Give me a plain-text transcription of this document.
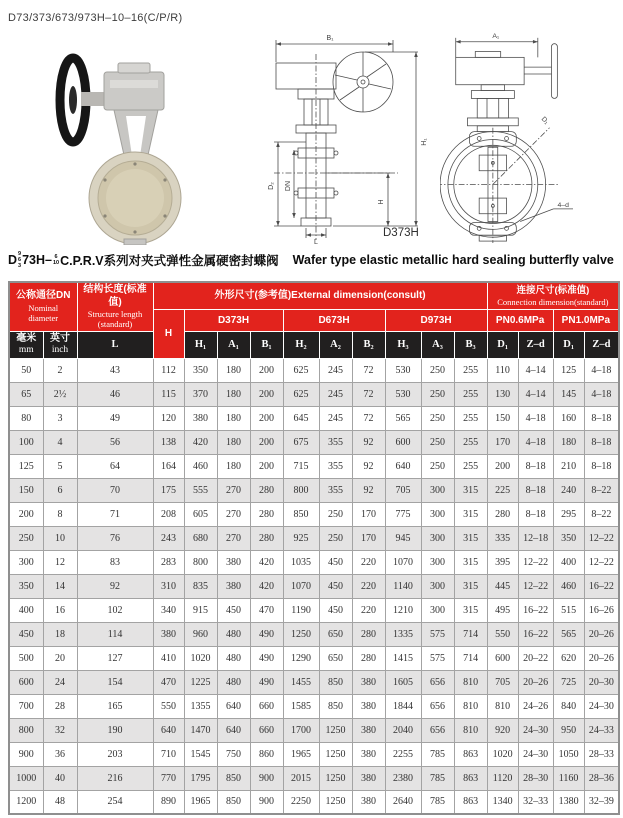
D73/373/673/973H–10–16(C/P/R)
B₁
H₁
D₂ DN
H
L
A₁
D₁
4–d
D373H
D 9
6
3 73H– 6
10 C.P.R.V系列对夹式弹性金属硬密封蝶阀 Wafer type elastic metallic hard sealing butterfly valve
公称通径DN
Nominal
diameter

结构长度(标准值)
Structure length
(standard)

外形尺寸(参考值)External dimension(consult)	连接尺寸(标准值)
Connection dimension(standard)

			H	D373H			D673H			D973H			PN0.6MPa		PN1.0MPa	

毫米
mm

英寸
inch
	L	H₁	A₁	B₁	H₂	A₂	B₂	H₃	A₃	B₃	D₁	Z–d	D₁	Z–d
50	2	43	112	350	180	200	625	245	72	530	250	255	110	4–14	125	4–18
65	2½	46	115	370	180	200	625	245	72	530	250	255	130	4–14	145	4–18
80	3	49	120	380	180	200	645	245	72	565	250	255	150	4–18	160	8–18
100	4	56	138	420	180	200	675	355	92	600	250	255	170	4–18	180	8–18
125	5	64	164	460	180	200	715	355	92	640	250	255	200	8–18	210	8–18
150	6	70	175	555	270	280	800	355	92	705	300	315	225	8–18	240	8–22
200	8	71	208	605	270	280	850	250	170	775	300	315	280	8–18	295	8–22
250	10	76	243	680	270	280	925	250	170	945	300	315	335	12–18	350	12–22
300	12	83	283	800	380	420	1035	450	220	1070	300	315	395	12–22	400	12–22
350	14	92	310	835	380	420	1070	450	220	1140	300	315	445	12–22	460	16–22
400	16	102	340	915	450	470	1190	450	220	1210	300	315	495	16–22	515	16–26
450	18	114	380	960	480	490	1250	650	280	1335	575	714	550	16–22	565	20–26
500	20	127	410	1020	480	490	1290	650	280	1415	575	714	600	20–22	620	20–26
600	24	154	470	1225	480	490	1455	850	380	1605	656	810	705	20–26	725	20–30
700	28	165	550	1355	640	660	1585	850	380	1844	656	810	810	24–26	840	24–30
800	32	190	640	1470	640	660	1700	1250	380	2040	656	810	920	24–30	950	24–33
900	36	203	710	1545	750	860	1965	1250	380	2255	785	863	1020	24–30	1050	28–33
1000	40	216	770	1795	850	900	2015	1250	380	2380	785	863	1120	28–30	1160	28–36
1200	48	254	890	1965	850	900	2250	1250	380	2640	785	863	1340	32–33	1380	32–39
